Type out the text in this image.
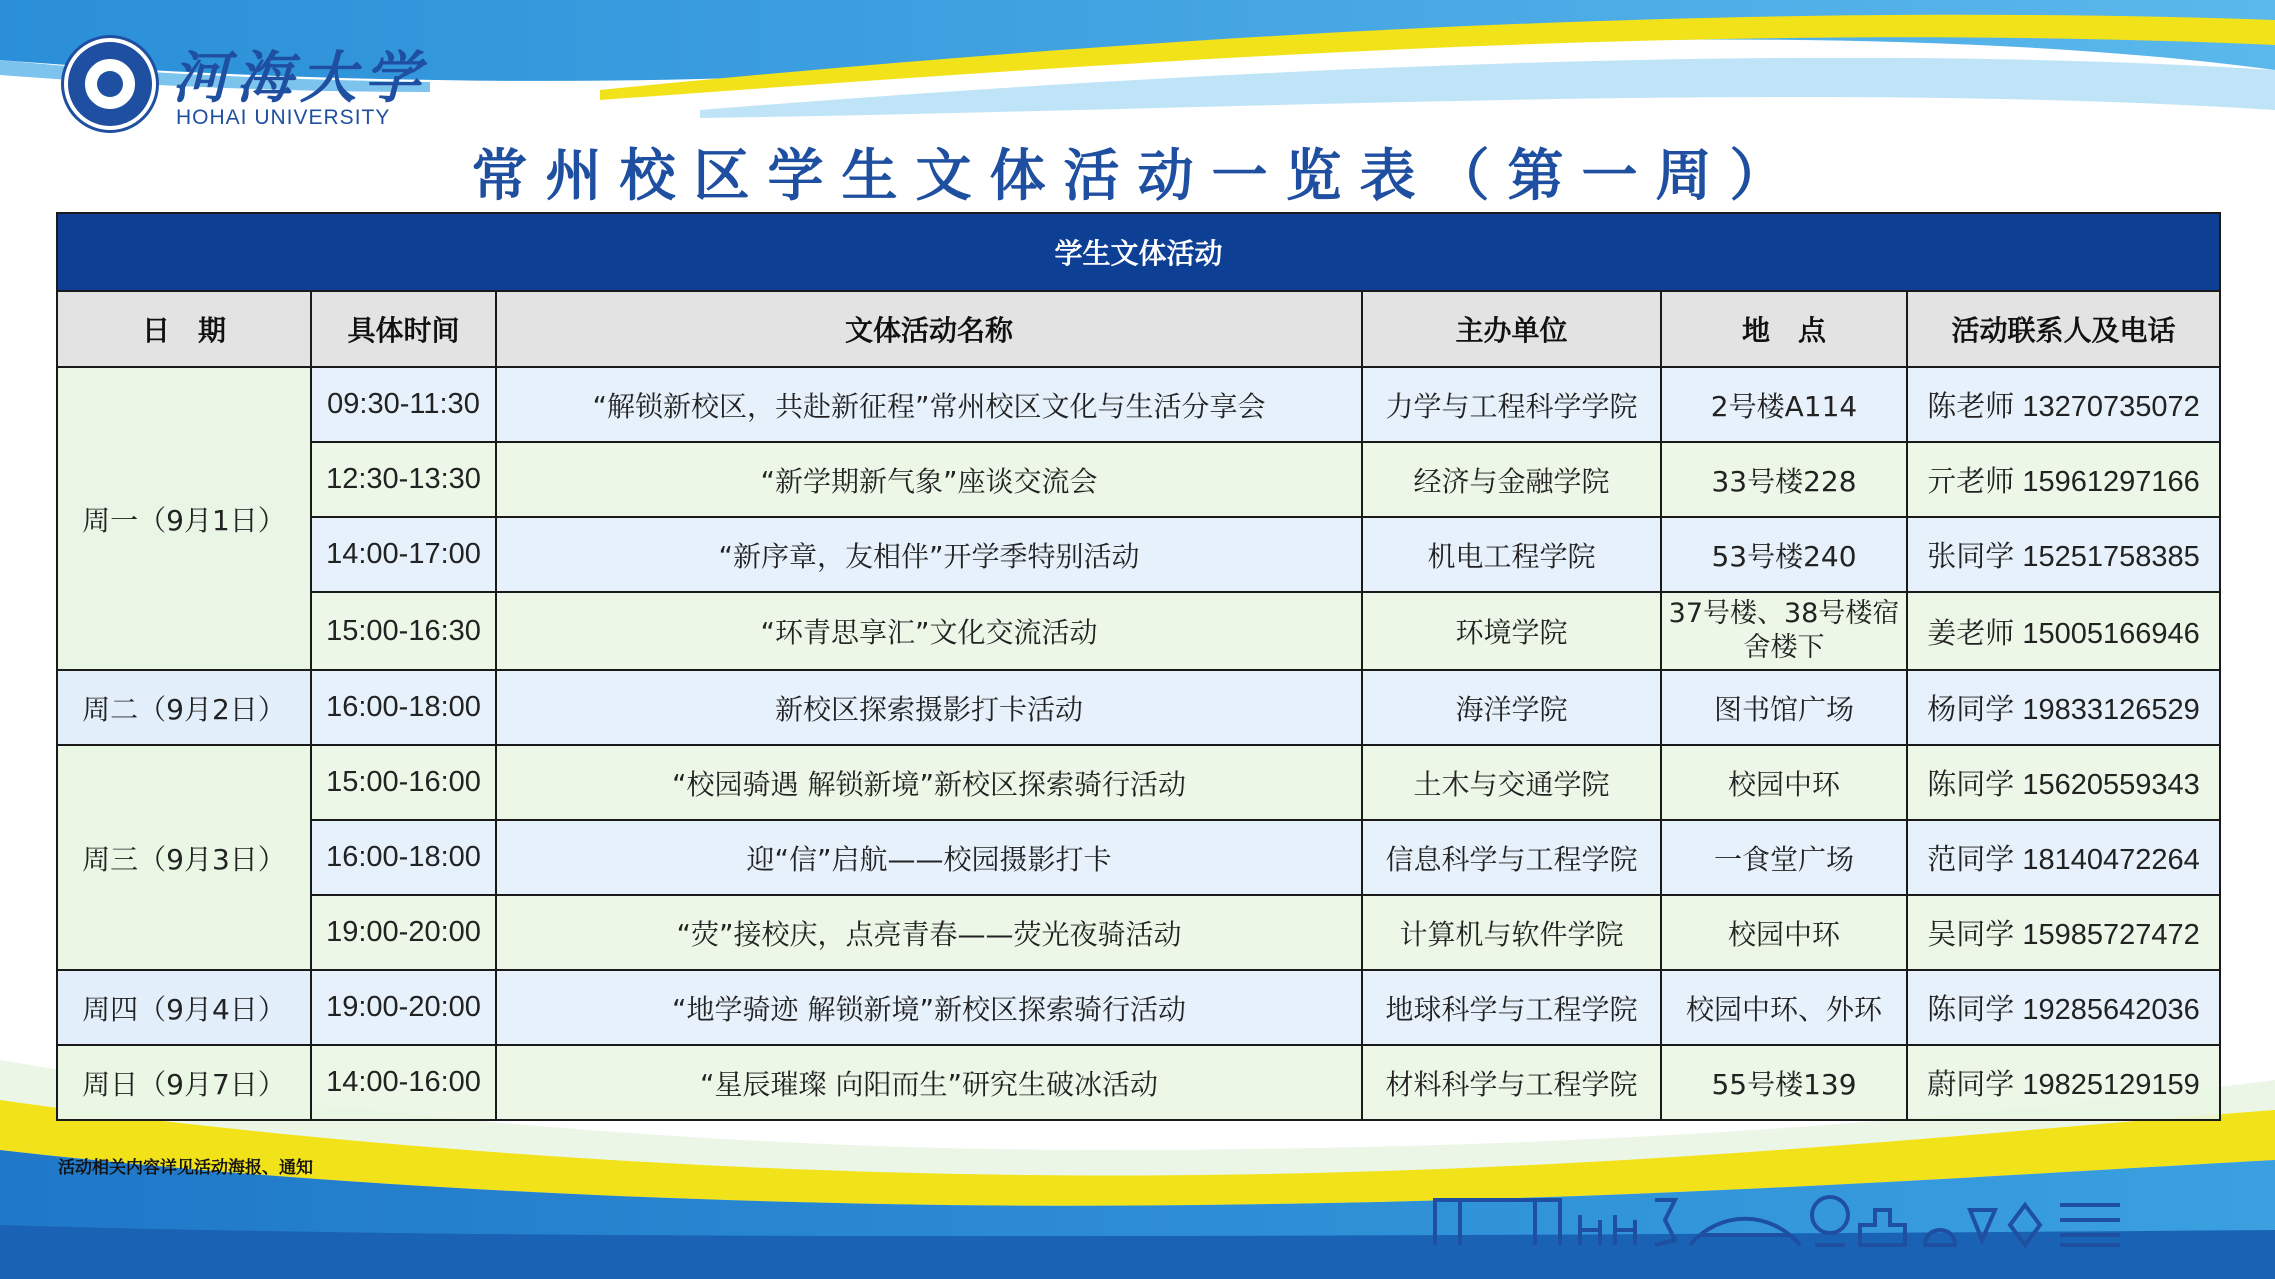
河海大学
HOHAI UNIVERSITY
常州校区学生文体活动一览表（第一周）
学生文体活动					
日　期	具体时间	文体活动名称	主办单位	地　点	活动联系人及电话
周一（9月1日）	09:30-11:30	“解锁新校区，共赴新征程”常州校区文化与生活分享会	力学与工程科学学院	2号楼A114	陈老师 13270735072
	12:30-13:30	“新学期新气象”座谈交流会	经济与金融学院	33号楼228	亓老师 15961297166
	14:00-17:00	“新序章，友相伴”开学季特别活动	机电工程学院	53号楼240	张同学 15251758385
	15:00-16:30	“环青思享汇”文化交流活动	环境学院	37号楼、38号楼宿舍楼下	姜老师 15005166946
周二（9月2日）	16:00-18:00	新校区探索摄影打卡活动	海洋学院	图书馆广场	杨同学 19833126529
周三（9月3日）	15:00-16:00	“校园骑遇 解锁新境”新校区探索骑行活动	土木与交通学院	校园中环	陈同学 15620559343
	16:00-18:00	迎“信”启航——校园摄影打卡	信息科学与工程学院	一食堂广场	范同学 18140472264
	19:00-20:00	“荧”接校庆，点亮青春——荧光夜骑活动	计算机与软件学院	校园中环	吴同学 15985727472
周四（9月4日）	19:00-20:00	“地学骑迹 解锁新境”新校区探索骑行活动	地球科学与工程学院	校园中环、外环	陈同学 19285642036
周日（9月7日）	14:00-16:00	“星辰璀璨 向阳而生”研究生破冰活动	材料科学与工程学院	55号楼139	蔚同学 19825129159
活动相关内容详见活动海报、通知
